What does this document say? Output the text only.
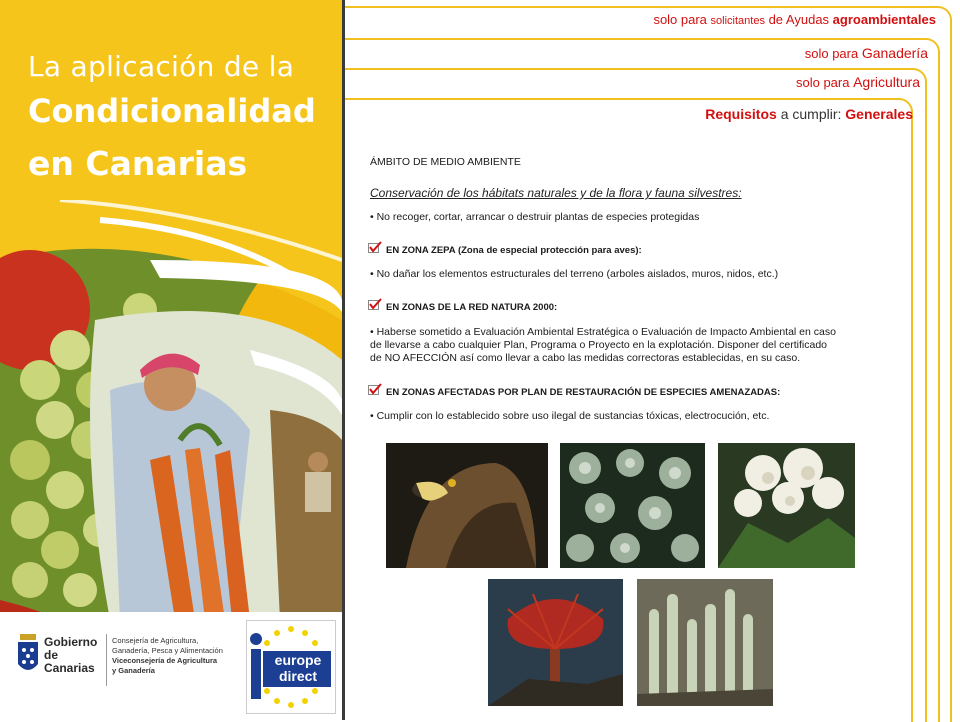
La aplicación de la
Condicionalidad
en Canarias
Gobierno
de Canarias
Consejería de Agricultura,
Ganadería, Pesca y Alimentación
Viceconsejería de Agricultura
y Ganadería
europe
direct
solo para solicitantes de Ayudas agroambientales
solo para Ganadería
solo para Agricultura
Requisitos a cumplir: Generales
ÁMBITO DE MEDIO AMBIENTE
Conservación de los hábitats naturales y de la flora y fauna silvestres:
• No recoger, cortar, arrancar o destruir plantas de especies protegidas
EN ZONA ZEPA (Zona de especial protección para aves):
• No dañar los elementos estructurales del terreno (arboles aislados, muros, nidos, etc.)
EN ZONAS DE LA RED NATURA 2000:
• Haberse sometido a Evaluación Ambiental Estratégica o Evaluación de Impacto Ambiental en caso
de llevarse a cabo cualquier Plan, Programa o Proyecto en la explotación. Disponer del certificado
de NO AFECCIÓN así como llevar a cabo las medidas correctoras establecidas, en su caso.
EN ZONAS AFECTADAS POR PLAN DE RESTAURACIÓN DE ESPECIES AMENAZADAS:
• Cumplir con lo establecido sobre uso ilegal de sustancias tóxicas, electrocución, etc.
